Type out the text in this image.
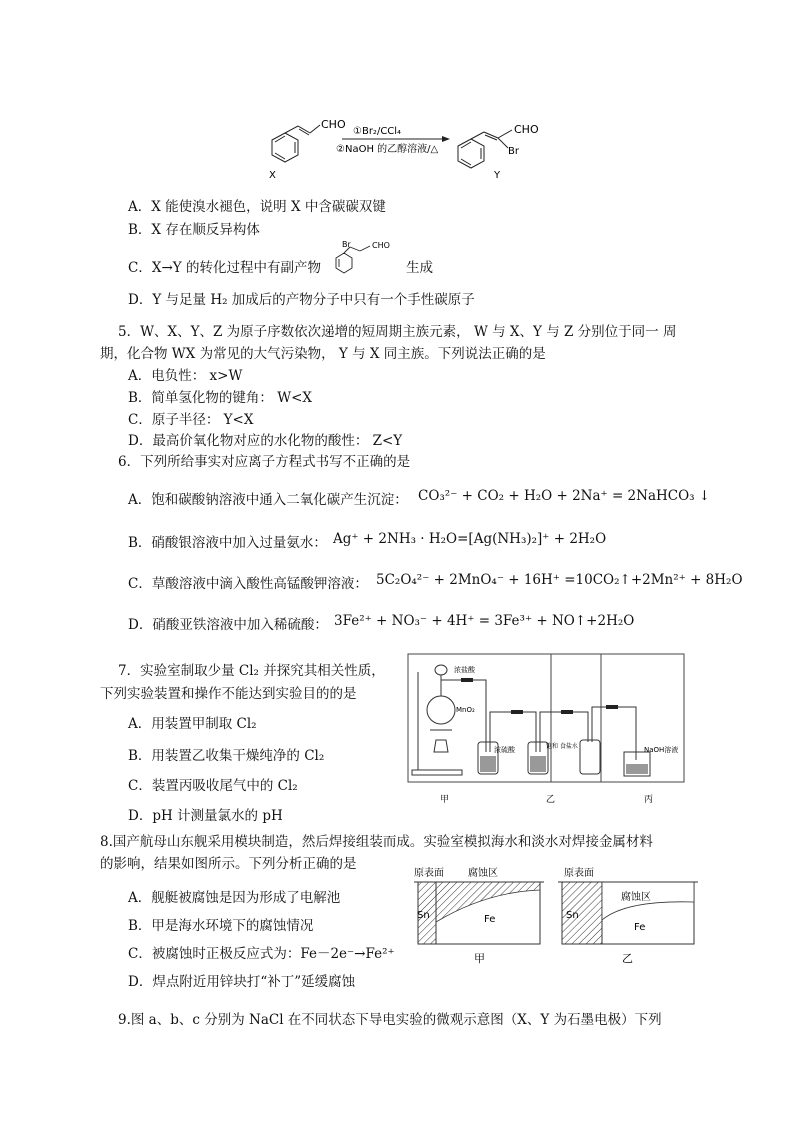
CHO
①Br₂/CCl₄
②NaOH 的乙醇溶液/△
CHO
Br
X	Y
A．X 能使溴水褪色，说明 X 中含碳碳双键
B．X 存在顺反异构体
C．X→Y 的转化过程中有副产物
Br	CHO
生成
D．Y 与足量 H₂ 加成后的产物分子中只有一个手性碳原子
5．W、X、Y、Z 为原子序数依次递增的短周期主族元素， W 与 X、Y 与 Z 分别位于同一 周
期，化合物 WX 为常见的大气污染物， Y 与 X 同主族。下列说法正确的是
A．电负性： x>W
B．简单氢化物的键角： W<X
C．原子半径： Y<X
D．最高价氧化物对应的水化物的酸性： Z<Y
6．下列所给事实对应离子方程式书写不正确的是
A．饱和碳酸钠溶液中通入二氧化碳产生沉淀： CO₃²⁻ + CO₂ + H₂O + 2Na⁺ = 2NaHCO₃ ↓
B．硝酸银溶液中加入过量氨水： Ag⁺ + 2NH₃ · H₂O=[Ag(NH₃)₂]⁺ + 2H₂O
C．草酸溶液中滴入酸性高锰酸钾溶液： 5C₂O₄²⁻ + 2MnO₄⁻ + 16H⁺ =10CO₂↑+2Mn²⁺ + 8H₂O
D．硝酸亚铁溶液中加入稀硫酸： 3Fe²⁺ + NO₃⁻ + 4H⁺ = 3Fe³⁺ + NO↑+2H₂O
7．实验室制取少量 Cl₂ 并探究其相关性质，
下列实验装置和操作不能达到实验目的的是
A．用装置甲制取 Cl₂
B．用装置乙收集干燥纯净的 Cl₂
C．装置丙吸收尾气中的 Cl₂
D．pH 计测量氯水的 pH
浓盐酸
MnO₂
浓硫酸	饱和 食盐水	NaOH溶液
甲	乙	丙
8.国产航母山东舰采用模块制造，然后焊接组装而成。实验室模拟海水和淡水对焊接金属材料
的影响，结果如图所示。下列分析正确的是
A．舰艇被腐蚀是因为形成了电解池
B．甲是海水环境下的腐蚀情况
C．被腐蚀时正极反应式为：Fe－2e⁻→Fe²⁺
D．焊点附近用锌块打“补丁”延缓腐蚀
原表面 腐蚀区
Sn	Fe
甲
原表面
腐蚀区
Sn
Fe
乙
9.图 a、b、c 分别为 NaCl 在不同状态下导电实验的微观示意图（X、Y 为石墨电极）下列
